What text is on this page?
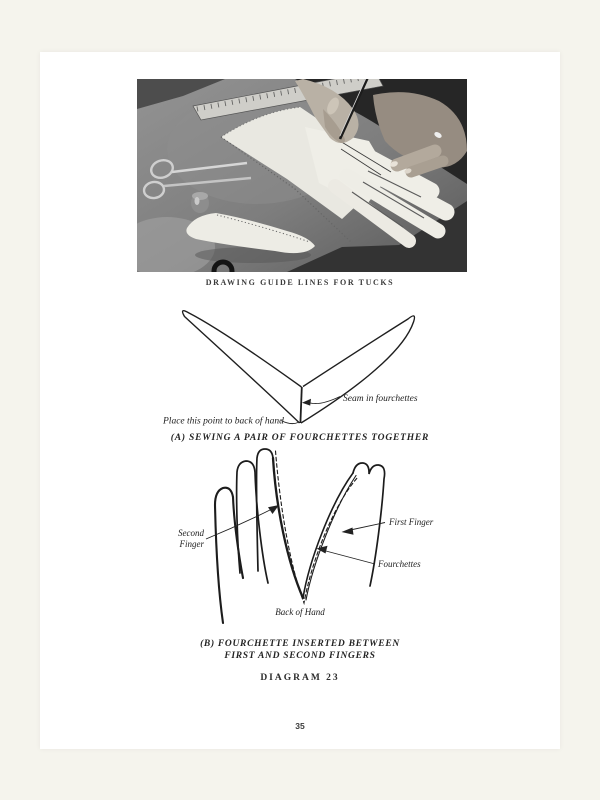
DRAWING GUIDE LINES FOR TUCKS
Seam in fourchettes
Place this point to back of hand
(A) SEWING A PAIR OF FOURCHETTES TOGETHER
Second
Finger
First Finger
Fourchettes
Back of Hand
(B) FOURCHETTE INSERTED BETWEEN
FIRST AND SECOND FINGERS
DIAGRAM 23
35
